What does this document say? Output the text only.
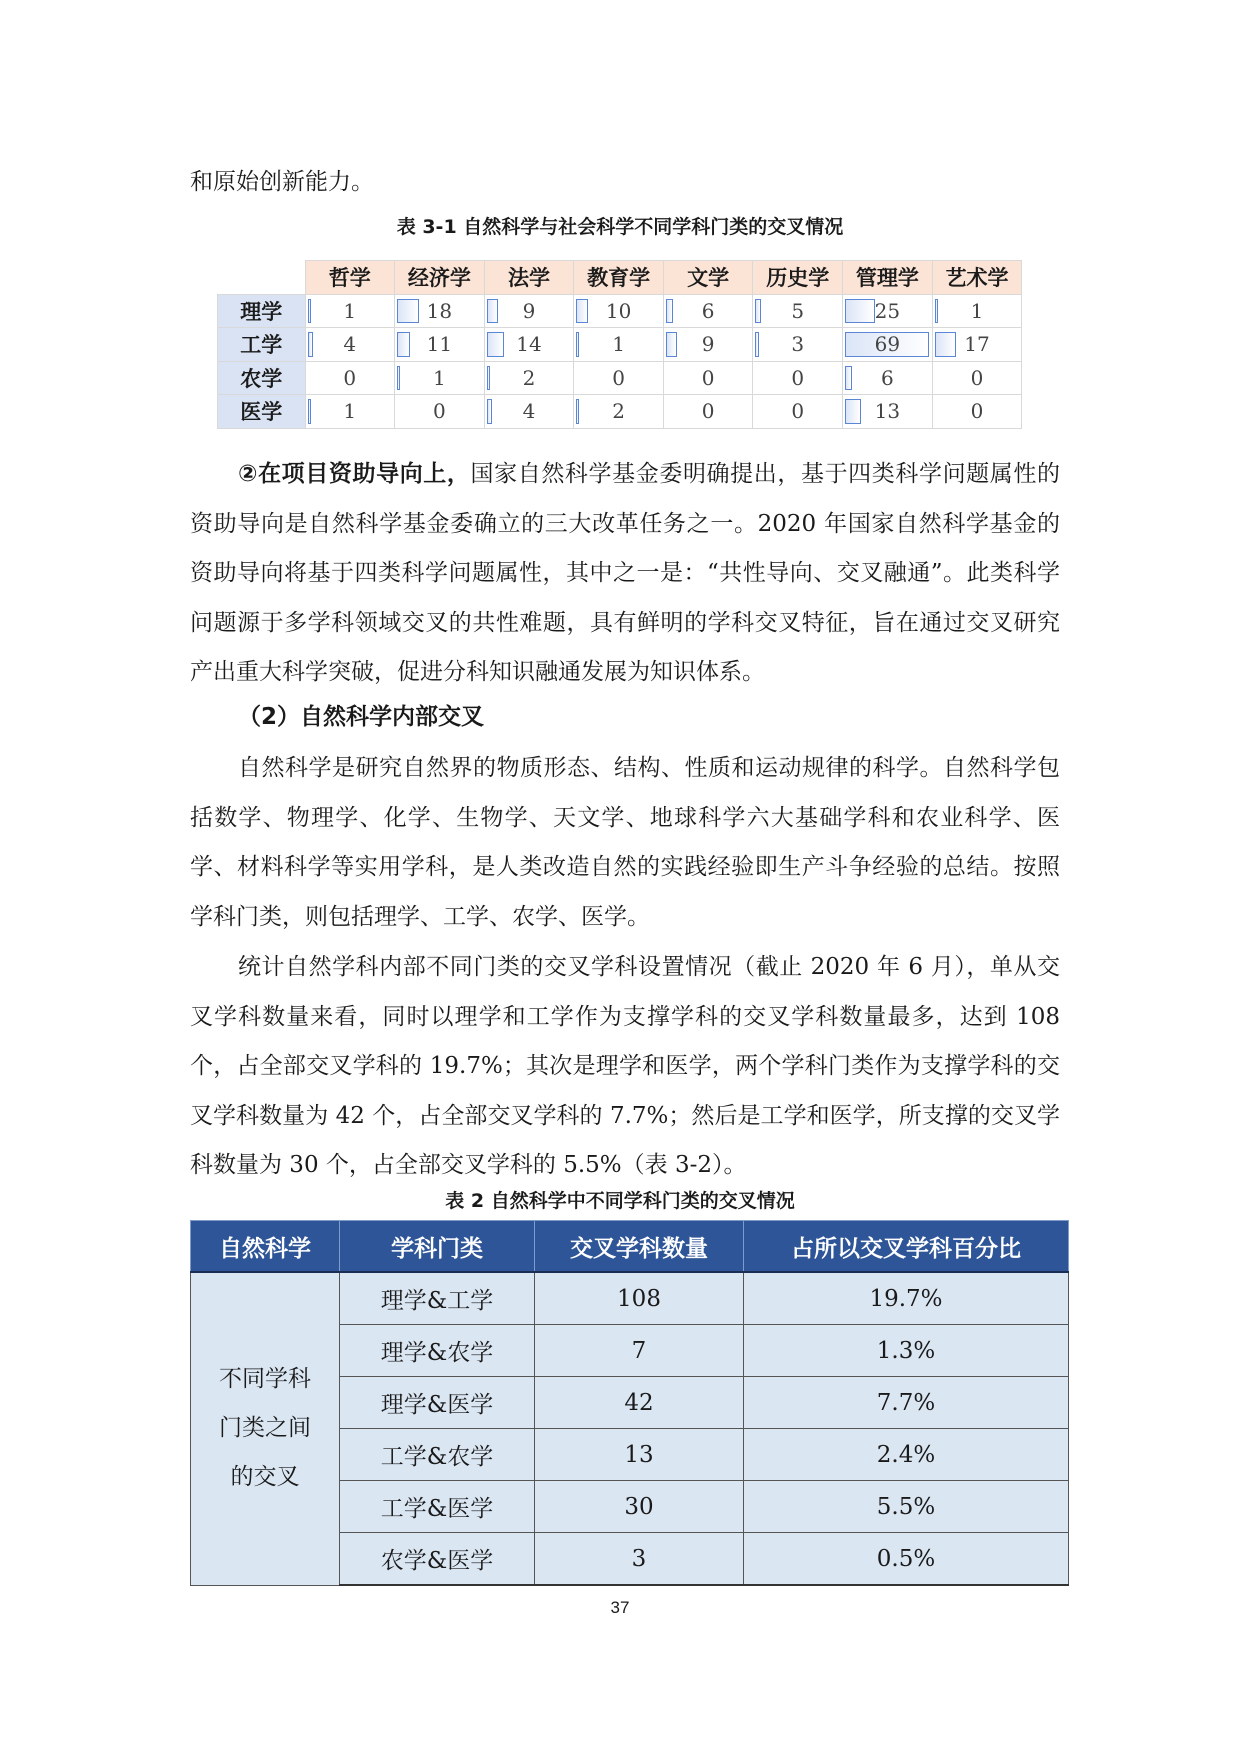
和原始创新能力。

表 3-1 自然科学与社会科学不同学科门类的交叉情况
	哲学	经济学	法学	教育学	文学	历史学	管理学	艺术学
理学	1	18	9	10	6	5	25	1
工学	4	11	14	1	9	3	69	17
农学	0	1	2	0	0	0	6	0
医学	1	0	4	2	0	0	13	0

②在项目资助导向上，国家自然科学基金委明确提出，基于四类科学问题属性的资助导向是自然科学基金委确立的三大改革任务之一。2020 年国家自然科学基金的资助导向将基于四类科学问题属性，其中之一是：“共性导向、交叉融通”。此类科学问题源于多学科领域交叉的共性难题，具有鲜明的学科交叉特征，旨在通过交叉研究产出重大科学突破，促进分科知识融通发展为知识体系。

（2）自然科学内部交叉

自然科学是研究自然界的物质形态、结构、性质和运动规律的科学。自然科学包括数学、物理学、化学、生物学、天文学、地球科学六大基础学科和农业科学、医学、材料科学等实用学科，是人类改造自然的实践经验即生产斗争经验的总结。按照学科门类，则包括理学、工学、农学、医学。

统计自然学科内部不同门类的交叉学科设置情况（截止 2020 年 6 月），单从交叉学科数量来看，同时以理学和工学作为支撑学科的交叉学科数量最多，达到 108 个，占全部交叉学科的 19.7%；其次是理学和医学，两个学科门类作为支撑学科的交叉学科数量为 42 个，占全部交叉学科的 7.7%；然后是工学和医学，所支撑的交叉学科数量为 30 个，占全部交叉学科的 5.5%（表 3-2）。

表 2 自然科学中不同学科门类的交叉情况
自然科学	学科门类	交叉学科数量	占所以交叉学科百分比

不同学科
门类之间
的交叉	理学&工学	108	19.7%
	理学&农学	7	1.3%
	理学&医学	42	7.7%
	工学&农学	13	2.4%
	工学&医学	30	5.5%
	农学&医学	3	0.5%
37
